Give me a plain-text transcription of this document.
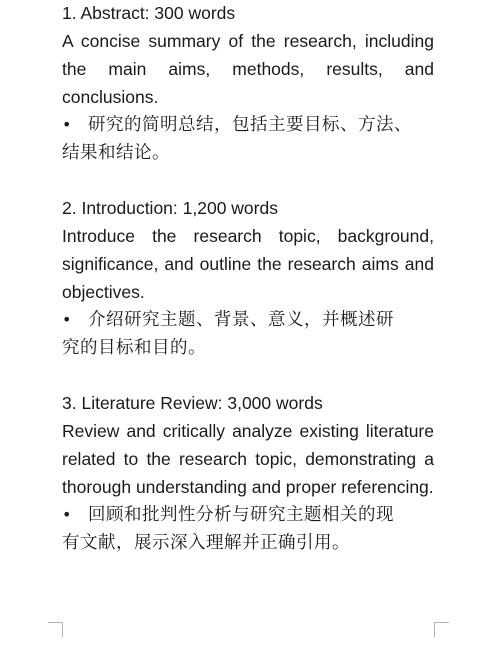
1. Abstract: 300 words

A concise summary of the research, including the main aims, methods, results, and conclusions.

• 研究的简明总结，包括主要目标、方法、
结果和结论。
2. Introduction: 1,200 words

Introduce the research topic, background, significance, and outline the research aims and objectives.

• 介绍研究主题、背景、意义，并概述研
究的目标和目的。
3. Literature Review: 3,000 words

Review and critically analyze existing literature related to the research topic, demonstrating a thorough understanding and proper referencing.

• 回顾和批判性分析与研究主题相关的现
有文献，展示深入理解并正确引用。
